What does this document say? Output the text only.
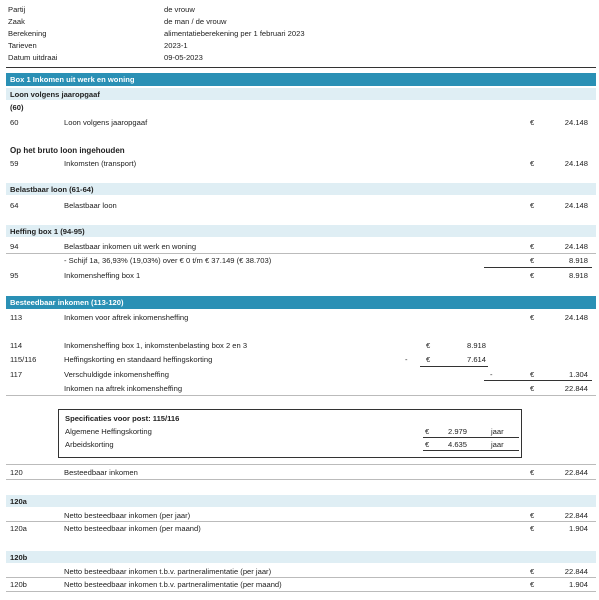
Partij	de vrouw
Zaak	de man / de vrouw
Berekening	alimentatieberekening per 1 februari 2023
Tarieven	2023-1
Datum uitdraai	09-05-2023
Box 1 Inkomen uit werk en woning
Loon volgens jaaropgaaf
(60)
60	Loon volgens jaaropgaaf	€	24.148
Op het bruto loon ingehouden
59	Inkomsten (transport)	€	24.148
Belastbaar loon (61-64)
64	Belastbaar loon	€	24.148
Heffing box 1 (94-95)
94	Belastbaar inkomen uit werk en woning	€	24.148
- Schijf 1a, 36,93% (19,03%) over € 0 t/m € 37.149 (€ 38.703)	€	8.918
95	Inkomensheffing box 1	€	8.918
Besteedbaar inkomen (113-120)
113	Inkomen voor aftrek inkomensheffing	€	24.148
114	Inkomensheffing box 1, inkomstenbelasting box 2 en 3	€	8.918
115/116	Heffingskorting en standaard heffingskorting	- €	7.614
117	Verschuldigde inkomensheffing	-	€	1.304
Inkomen na aftrek inkomensheffing	€	22.844
Specificaties voor post: 115/116
Algemene Heffingskorting	€ 2.979	jaar
Arbeidskorting	€ 4.635	jaar
120	Besteedbaar inkomen	€	22.844
120a
Netto besteedbaar inkomen (per jaar)	€	22.844
120a	Netto besteedbaar inkomen (per maand)	€	1.904
120b
Netto besteedbaar inkomen t.b.v. partneralimentatie (per jaar)	€	22.844
120b	Netto besteedbaar inkomen t.b.v. partneralimentatie (per maand)	€	1.904
